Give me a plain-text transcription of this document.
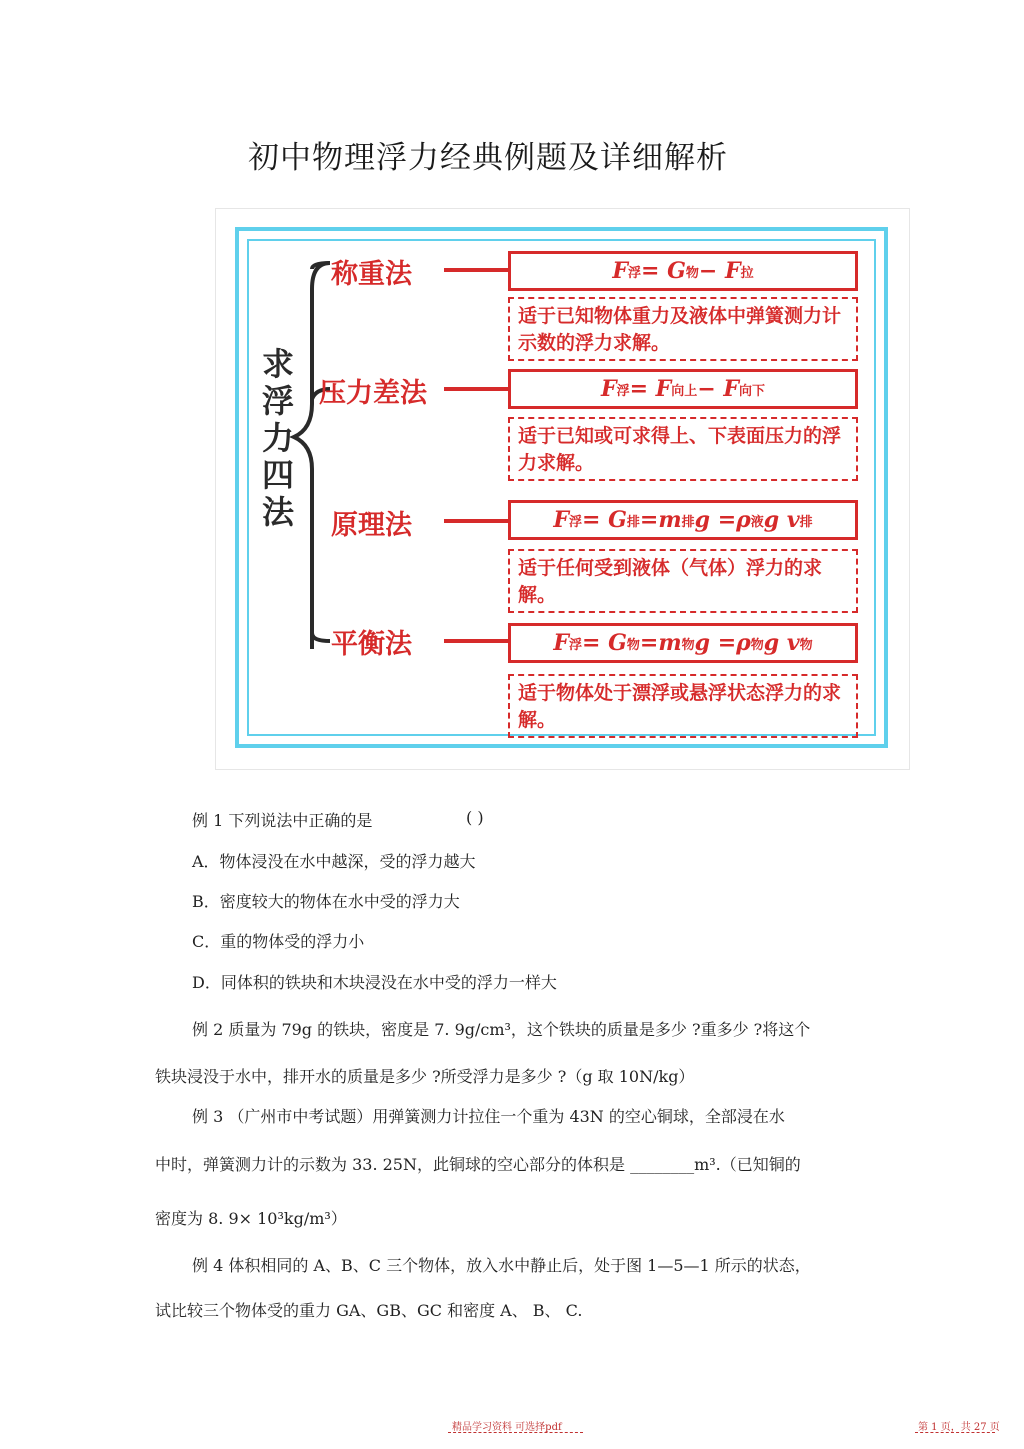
初中物理浮力经典例题及详细解析
求
浮
力
四
法
称重法	F 浮 = G 物 − F 拉
适于已知物体重力及液体中弹簧测力计示数的浮力求解。
压力差法	F 浮 = F 向上 − F 向下
适于已知或可求得上、下表面压力的浮力求解。
原理法	F 浮 = G 排 =m 排 g =ρ 液 g v 排
适于任何受到液体（气体）浮力的求解。
平衡法	F 浮 = G 物 =m 物 g =ρ 物 g v 物
适于物体处于漂浮或悬浮状态浮力的求解。
例 1 下列说法中正确的是	( )
A．物体浸没在水中越深，受的浮力越大
B．密度较大的物体在水中受的浮力大
C．重的物体受的浮力小
D．同体积的铁块和木块浸没在水中受的浮力一样大
例 2 质量为 79g 的铁块，密度是 7. 9g/cm³，这个铁块的质量是多少 ?重多少 ?将这个
铁块浸没于水中，排开水的质量是多少 ?所受浮力是多少 ?（g 取 10N/kg）
例 3 （广州市中考试题）用弹簧测力计拉住一个重为 43N 的空心铜球，全部浸在水
中时，弹簧测力计的示数为 33. 25N，此铜球的空心部分的体积是 ________m³.（已知铜的
密度为 8. 9× 10³kg/m³）
例 4 体积相同的 A、B、C 三个物体，放入水中静止后，处于图 1—5—1 所示的状态，
试比较三个物体受的重力 GA、GB、GC 和密度 A、 B、 C.
精品学习资料 可选择pdf	第 1 页，共 27 页
